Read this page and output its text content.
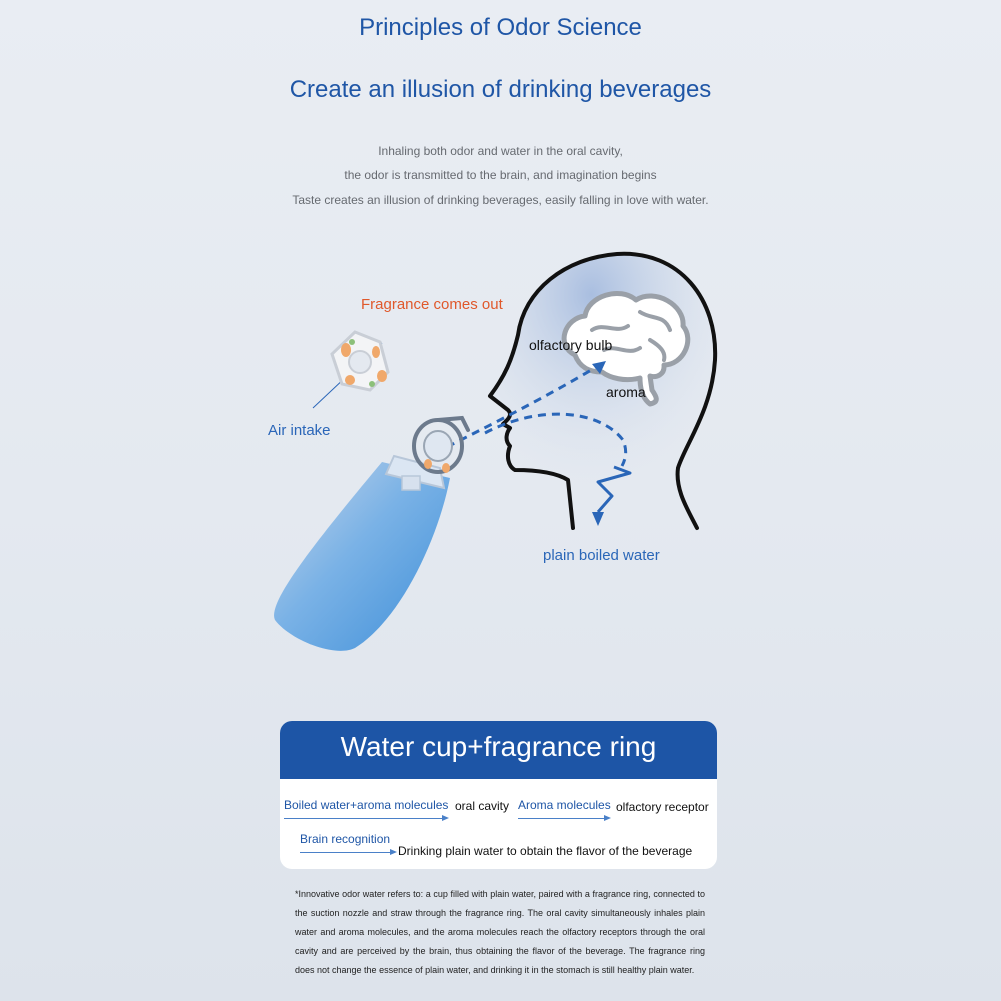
Principles of Odor Science
Create an illusion of drinking beverages
Inhaling both odor and water in the oral cavity,
the odor is transmitted to the brain, and imagination begins
Taste creates an illusion of drinking beverages, easily falling in love with water.
Fragrance comes out
Air intake
olfactory bulb
aroma
plain boiled water
Water cup+fragrance ring
Boiled water+aroma molecules oral cavity Aroma molecules olfactory receptor
Brain recognition
Drinking plain water to obtain the flavor of the beverage
*Innovative odor water refers to: a cup filled with plain water, paired with a fragrance ring, connected to the suction nozzle and straw through the fragrance ring. The oral cavity simultaneously inhales plain water and aroma molecules, and the aroma molecules reach the olfactory receptors through the oral cavity and are perceived by the brain, thus obtaining the flavor of the beverage. The fragrance ring does not change the essence of plain water, and drinking it in the stomach is still healthy plain water.
